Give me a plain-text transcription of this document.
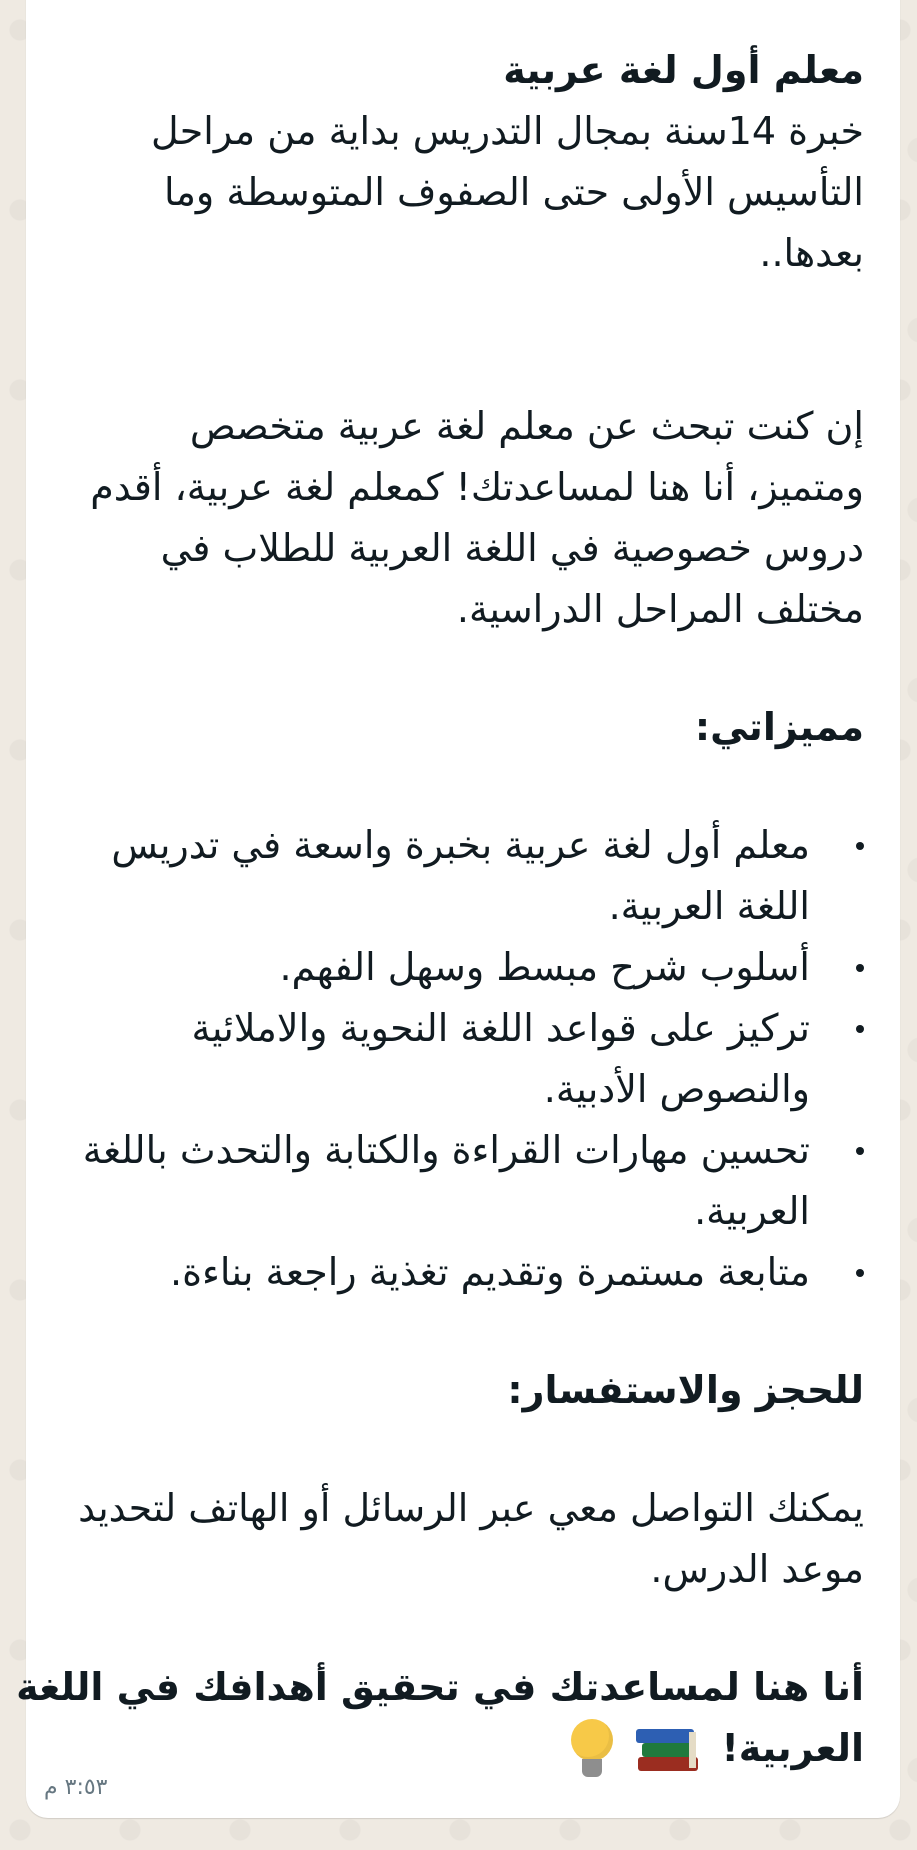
معلم أول لغة عربية
خبرة 14سنة بمجال التدريس بداية من مراحل
التأسيس الأولى حتى الصفوف المتوسطة وما
بعدها..
إن كنت تبحث عن معلم لغة عربية متخصص
ومتميز، أنا هنا لمساعدتك! كمعلم لغة عربية، أقدم
دروس خصوصية في اللغة العربية للطلاب في
مختلف المراحل الدراسية.
مميزاتي:
معلم أول لغة عربية بخبرة واسعة في تدريس
اللغة العربية.
أسلوب شرح مبسط وسهل الفهم.
تركيز على قواعد اللغة النحوية والاملائية
والنصوص الأدبية.
تحسين مهارات القراءة والكتابة والتحدث باللغة
العربية.
متابعة مستمرة وتقديم تغذية راجعة بناءة.
للحجز والاستفسار:
يمكنك التواصل معي عبر الرسائل أو الهاتف لتحديد
موعد الدرس.
أنا هنا لمساعدتك في تحقيق أهدافك في اللغة
العربية!

٣:٥٣ م
